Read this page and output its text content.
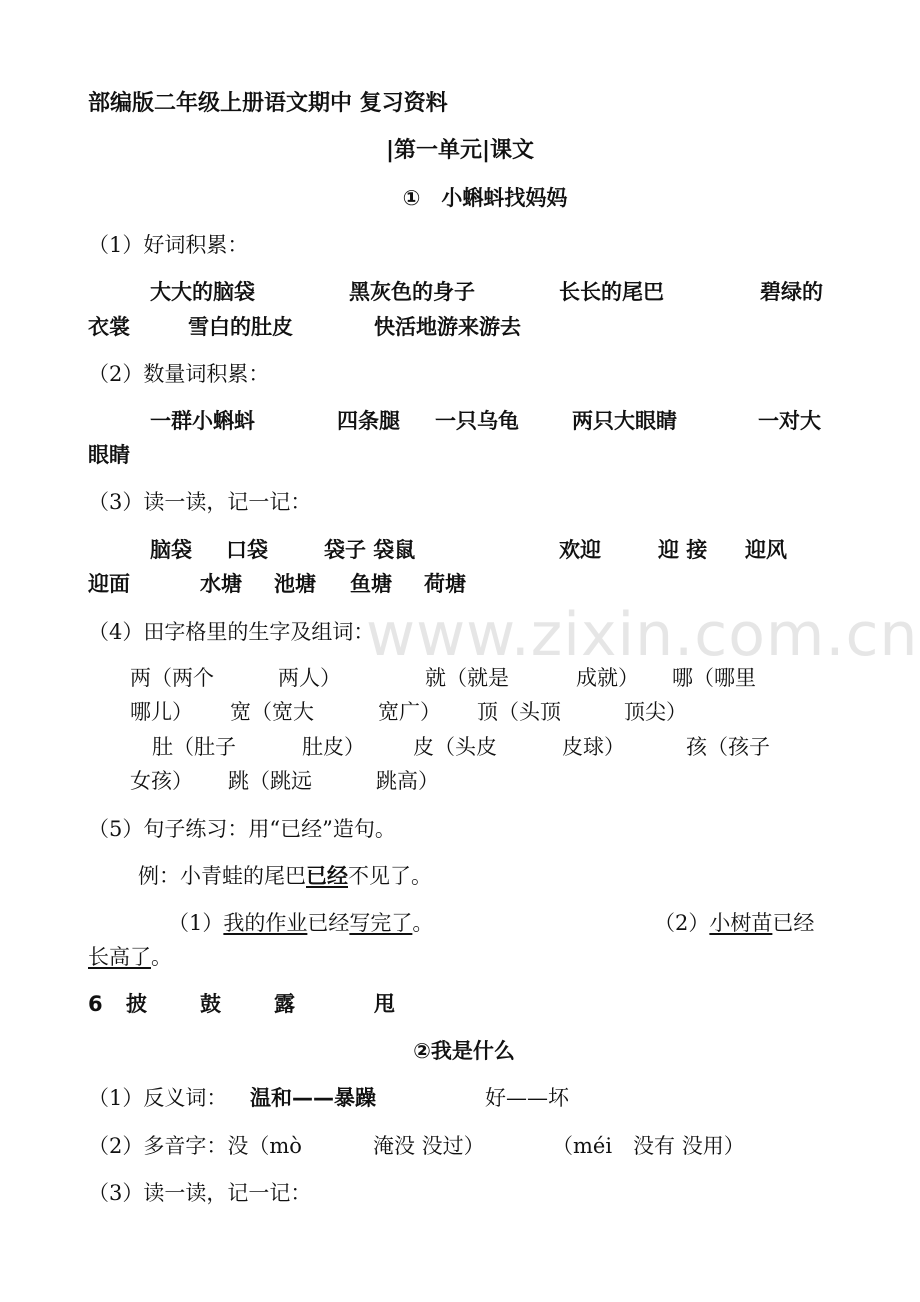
www.zixin.com.cn
部编版二年级上册语文期中 复习资料
|第一单元|课文
①　小蝌蚪找妈妈
（1）好词积累：
大大的脑袋	黑灰色的身子	长长的尾巴	碧绿的
衣裳	雪白的肚皮	快活地游来游去
（2）数量词积累：
一群小蝌蚪	四条腿 一只乌龟	两只大眼睛	一对大
眼睛
（3）读一读，记一记：
脑袋 口袋	袋子 袋鼠	欢迎	迎 接 迎风
迎面	水塘 池塘 鱼塘 荷塘
（4）田字格里的生字及组词：
两（两个	两人）	就（就是	成就） 哪（哪里
哪儿） 宽（宽大	宽广） 顶（头顶	顶尖）
肚（肚子	肚皮） 皮（头皮	皮球）	孩（孩子
女孩） 跳（跳远	跳高）
（5）句子练习：用“已经”造句。
例：小青蛙的尾巴已经不见了。
（1）我的作业已经写完了。	（2）小树苗已经
长高了。
6 披	鼓	露	甩
②我是什么
（1）反义词： 温和——暴躁	好——坏
（2）多音字：没（mò	淹没 没过）	（méi　没有 没用）
（3）读一读，记一记：
